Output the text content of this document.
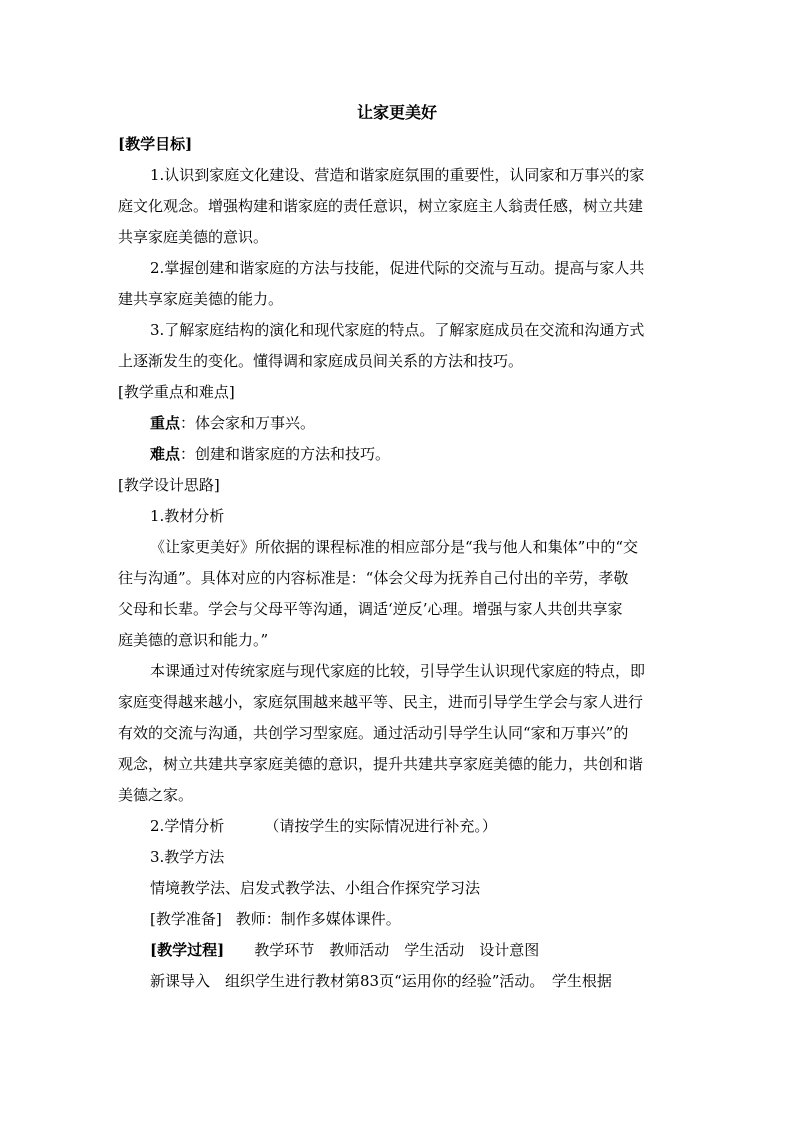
让家更美好

[教学目标]

1.认识到家庭文化建设、营造和谐家庭氛围的重要性，认同家和万事兴的家

庭文化观念。增强构建和谐家庭的责任意识，树立家庭主人翁责任感，树立共建

共享家庭美德的意识。

2.掌握创建和谐家庭的方法与技能，促进代际的交流与互动。提高与家人共

建共享家庭美德的能力。

3.了解家庭结构的演化和现代家庭的特点。了解家庭成员在交流和沟通方式

上逐渐发生的变化。懂得调和家庭成员间关系的方法和技巧。

[教学重点和难点]

重点：体会家和万事兴。

难点：创建和谐家庭的方法和技巧。

[教学设计思路]

1.教材分析

《让家更美好》所依据的课程标准的相应部分是“我与他人和集体”中的“交

往与沟通”。具体对应的内容标准是：“体会父母为抚养自己付出的辛劳，孝敬

父母和长辈。学会与父母平等沟通，调适‘逆反’心理。增强与家人共创共享家

庭美德的意识和能力。”

本课通过对传统家庭与现代家庭的比较，引导学生认识现代家庭的特点，即

家庭变得越来越小，家庭氛围越来越平等、民主，进而引导学生学会与家人进行

有效的交流与沟通，共创学习型家庭。通过活动引导学生认同“家和万事兴”的

观念，树立共建共享家庭美德的意识，提升共建共享家庭美德的能力，共创和谐

美德之家。

2.学情分析	（请按学生的实际情况进行补充。）

3.教学方法

情境教学法、启发式教学法、小组合作探究学习法

[教学准备] 教师：制作多媒体课件。

[教学过程] 教学环节　教师活动　学生活动　设计意图

新课导入　组织学生进行教材第83页“运用你的经验”活动。　学生根据
